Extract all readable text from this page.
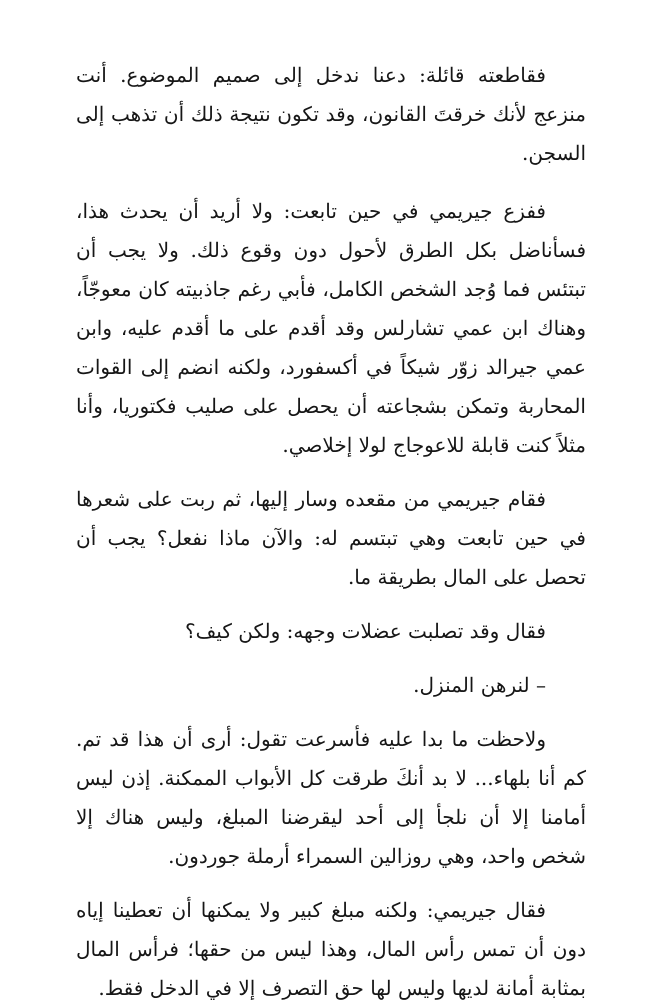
فقاطعته قائلة: دعنا ندخل إلى صميم الموضوع. أنت منزعج لأنك خرقتَ القانون، وقد تكون نتيجة ذلك أن تذهب إلى السجن.

ففزع جيريمي في حين تابعت: ولا أريد أن يحدث هذا، فسأناضل بكل الطرق لأحول دون وقوع ذلك. ولا يجب أن تبتئس فما وُجد الشخص الكامل، فأبي رغم جاذبيته كان معوجّاً، وهناك ابن عمي تشارلس وقد أقدم على ما أقدم عليه، وابن عمي جيرالد زوّر شيكاً في أكسفورد، ولكنه انضم إلى القوات المحاربة وتمكن بشجاعته أن يحصل على صليب فكتوريا، وأنا مثلاً كنت قابلة للاعوجاج لولا إخلاصي.

فقام جيريمي من مقعده وسار إليها، ثم ربت على شعرها في حين تابعت وهي تبتسم له: والآن ماذا نفعل؟ يجب أن تحصل على المال بطريقة ما.

فقال وقد تصلبت عضلات وجهه: ولكن كيف؟

– لنرهن المنزل.

ولاحظت ما بدا عليه فأسرعت تقول: أرى أن هذا قد تم. كم أنا بلهاء... لا بد أنكَ طرقت كل الأبواب الممكنة. إذن ليس أمامنا إلا أن نلجأ إلى أحد ليقرضنا المبلغ، وليس هناك إلا شخص واحد، وهي روزالين السمراء أرملة جوردون.

فقال جيريمي: ولكنه مبلغ كبير ولا يمكنها أن تعطينا إياه دون أن تمس رأس المال، وهذا ليس من حقها؛ فرأس المال بمثابة أمانة لديها وليس لها حق التصرف إلا في الدخل فقط.
